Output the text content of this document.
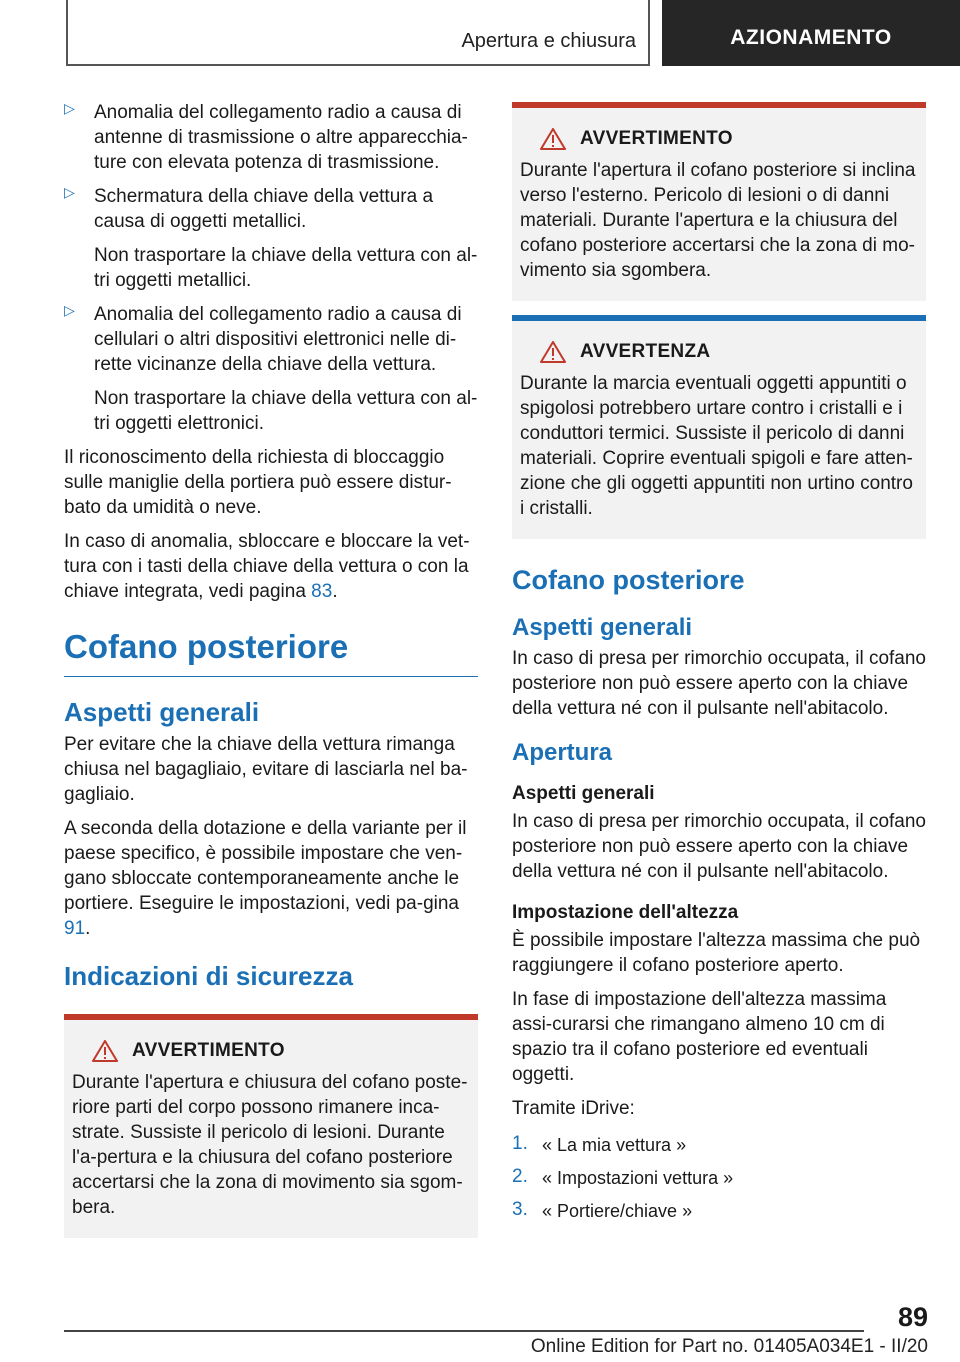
Apertura e chiusura	AZIONAMENTO
▷ Anomalia del collegamento radio a causa di antenne di trasmissione o altre apparecchia‐ture con elevata potenza di trasmissione.

▷ Schermatura della chiave della vettura a causa di oggetti metallici.

Non trasportare la chiave della vettura con al‐tri oggetti metallici.

▷ Anomalia del collegamento radio a causa di cellulari o altri dispositivi elettronici nelle di‐rette vicinanze della chiave della vettura.

Non trasportare la chiave della vettura con al‐tri oggetti elettronici.

Il riconoscimento della richiesta di bloccaggio sulle maniglie della portiera può essere distur‐bato da umidità o neve.

In caso di anomalia, sbloccare e bloccare la vet‐tura con i tasti della chiave della vettura o con la chiave integrata, vedi pagina 83.

Cofano posteriore
Aspetti generali

Per evitare che la chiave della vettura rimanga chiusa nel bagagliaio, evitare di lasciarla nel ba‐gagliaio.

A seconda della dotazione e della variante per il paese specifico, è possibile impostare che ven‐gano sbloccate contemporaneamente anche le portiere. Eseguire le impostazioni, vedi pa‐gina 91.

Indicazioni di sicurezza
AVVERTIMENTO

Durante l'apertura e chiusura del cofano poste‐riore parti del corpo possono rimanere inca‐strate. Sussiste il pericolo di lesioni. Durante l'a‐pertura e la chiusura del cofano posteriore accertarsi che la zona di movimento sia sgom‐bera.

AVVERTIMENTO

Durante l'apertura il cofano posteriore si inclina verso l'esterno. Pericolo di lesioni o di danni materiali. Durante l'apertura e la chiusura del cofano posteriore accertarsi che la zona di mo‐vimento sia sgombera.

AVVERTENZA

Durante la marcia eventuali oggetti appuntiti o spigolosi potrebbero urtare contro i cristalli e i conduttori termici. Sussiste il pericolo di danni materiali. Coprire eventuali spigoli e fare atten‐zione che gli oggetti appuntiti non urtino contro i cristalli.

Cofano posteriore
Aspetti generali

In caso di presa per rimorchio occupata, il cofano posteriore non può essere aperto con la chiave della vettura né con il pulsante nell'abitacolo.

Apertura
Aspetti generali

In caso di presa per rimorchio occupata, il cofano posteriore non può essere aperto con la chiave della vettura né con il pulsante nell'abitacolo.

Impostazione dell'altezza

È possibile impostare l'altezza massima che può raggiungere il cofano posteriore aperto.

In fase di impostazione dell'altezza massima assi‐curarsi che rimangano almeno 10 cm di spazio tra il cofano posteriore ed eventuali oggetti.

Tramite iDrive:

1. « La mia vettura »
2. « Impostazioni vettura »
3. « Portiere/chiave »
89
Online Edition for Part no. 01405A034E1 - II/20
